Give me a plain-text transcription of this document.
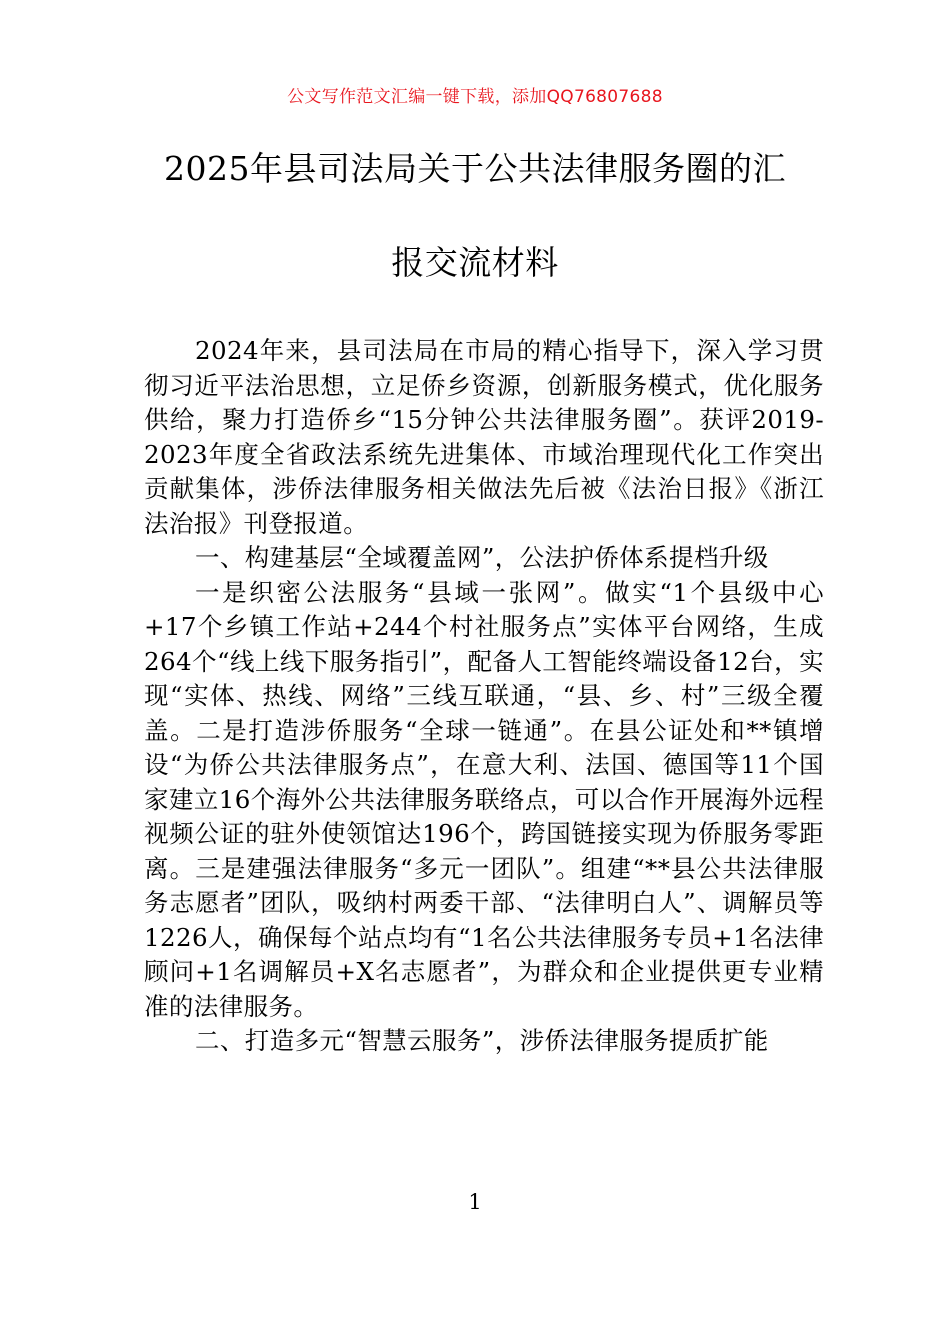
公文写作范文汇编一键下载，添加QQ76807688
2025年县司法局关于公共法律服务圈的汇
报交流材料

2024年来，县司法局在市局的精心指导下，深入学习贯彻习近平法治思想，立足侨乡资源，创新服务模式，优化服务供给，聚力打造侨乡“15分钟公共法律服务圈”。获评2019-2023年度全省政法系统先进集体、市域治理现代化工作突出贡献集体，涉侨法律服务相关做法先后被《法治日报》《浙江法治报》刊登报道。

一、构建基层“全域覆盖网”，公法护侨体系提档升级

一是织密公法服务“县域一张网”。做实“1个县级中心+17个乡镇工作站+244个村社服务点”实体平台网络，生成264个“线上线下服务指引”，配备人工智能终端设备12台，实现“实体、热线、网络”三线互联通，“县、乡、村”三级全覆盖。二是打造涉侨服务“全球一链通”。在县公证处和**镇增设“为侨公共法律服务点”，在意大利、法国、德国等11个国家建立16个海外公共法律服务联络点，可以合作开展海外远程视频公证的驻外使领馆达196个，跨国链接实现为侨服务零距离。三是建强法律服务“多元一团队”。组建“**县公共法律服务志愿者”团队，吸纳村两委干部、“法律明白人”、调解员等1226人，确保每个站点均有“1名公共法律服务专员+1名法律顾问+1名调解员+X名志愿者”，为群众和企业提供更专业精准的法律服务。

二、打造多元“智慧云服务”，涉侨法律服务提质扩能

1
